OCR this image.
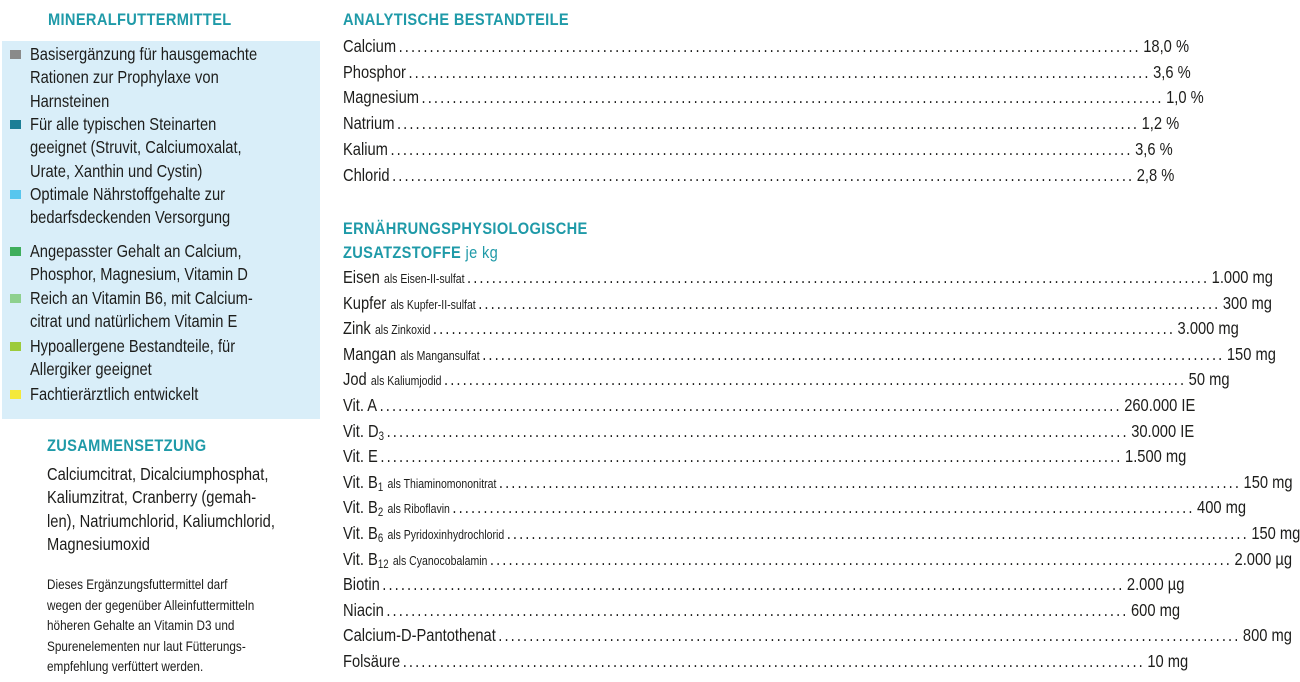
MINERALFUTTERMITTEL
Basisergänzung für hausgemachte
Rationen zur Prophylaxe von
Harnsteinen
Für alle typischen Steinarten
geeignet (Struvit, Calciumoxalat,
Urate, Xanthin und Cystin)
Optimale Nährstoffgehalte zur
bedarfsdeckenden Versorgung
Angepasster Gehalt an Calcium,
Phosphor, Magnesium, Vitamin D
Reich an Vitamin B6, mit Calcium-
citrat und natürlichem Vitamin E
Hypoallergene Bestandteile, für
Allergiker geeignet
Fachtierärztlich entwickelt
ZUSAMMENSETZUNG
Calciumcitrat, Dicalciumphosphat,
Kaliumzitrat, Cranberry (gemah-
len), Natriumchlorid, Kaliumchlorid,
Magnesiumoxid
Dieses Ergänzungsfuttermittel darf
wegen der gegenüber Alleinfuttermitteln
höheren Gehalte an Vitamin D3 und
Spurenelementen nur laut Fütterungs-
empfehlung verfüttert werden.
ANALYTISCHE BESTANDTEILE
Calcium ........................................................................................................................ 18,0 %
Phosphor ........................................................................................................................ 3,6 %
Magnesium ........................................................................................................................ 1,0 %
Natrium ........................................................................................................................ 1,2 %
Kalium ........................................................................................................................ 3,6 %
Chlorid ........................................................................................................................ 2,8 %
ERNÄHRUNGSPHYSIOLOGISCHE
ZUSATZSTOFFE je kg
Eisen als Eisen-II-sulfat ........................................................................................................................ 1.000 mg
Kupfer als Kupfer-II-sulfat ........................................................................................................................ 300 mg
Zink als Zinkoxid ........................................................................................................................ 3.000 mg
Mangan als Mangansulfat ........................................................................................................................ 150 mg
Jod als Kaliumjodid ........................................................................................................................ 50 mg
Vit. A ........................................................................................................................ 260.000 IE
Vit. D3 ........................................................................................................................ 30.000 IE
Vit. E ........................................................................................................................ 1.500 mg
Vit. B1 als Thiaminomononitrat ........................................................................................................................ 150 mg
Vit. B2 als Riboflavin ........................................................................................................................ 400 mg
Vit. B6 als Pyridoxinhydrochlorid ........................................................................................................................ 150 mg
Vit. B12 als Cyanocobalamin ........................................................................................................................ 2.000 µg
Biotin ........................................................................................................................ 2.000 µg
Niacin ........................................................................................................................ 600 mg
Calcium-D-Pantothenat ........................................................................................................................ 800 mg
Folsäure ........................................................................................................................ 10 mg
